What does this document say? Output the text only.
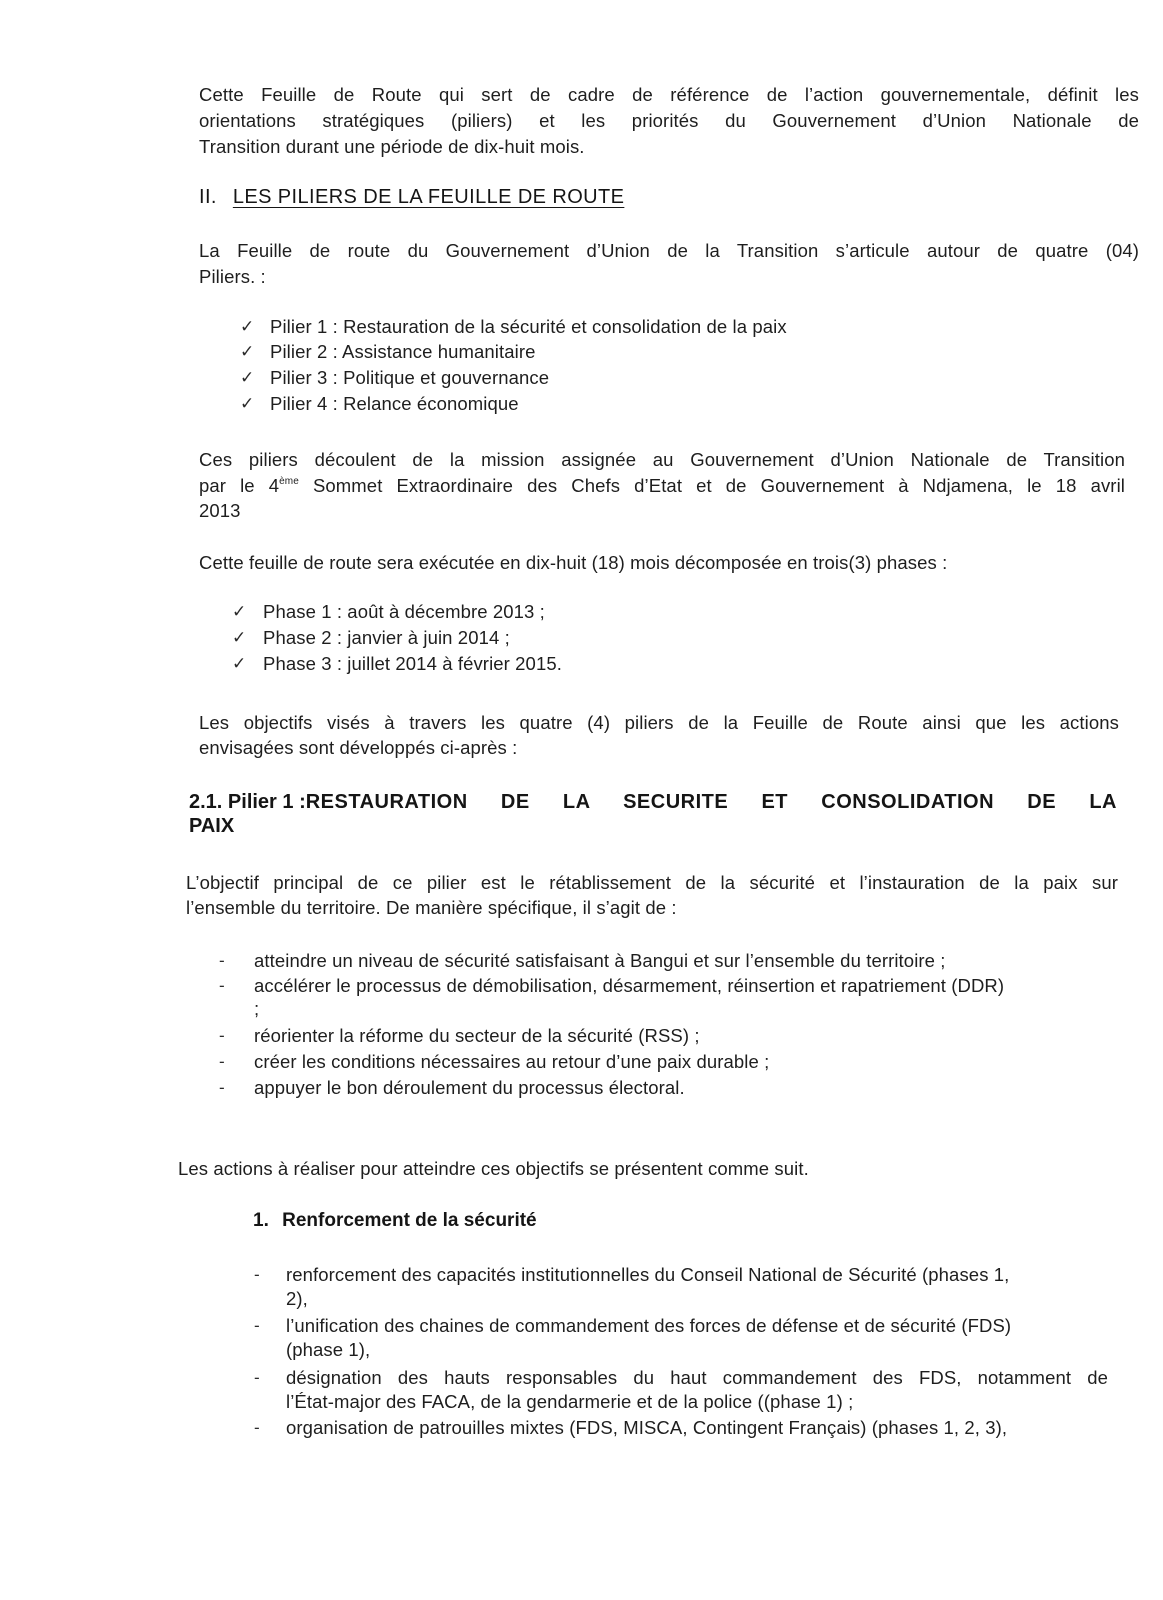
Cette Feuille de Route qui sert de cadre de référence de l’action gouvernementale, définit les
orientations stratégiques (piliers) et les priorités du Gouvernement d’Union Nationale de
Transition durant une période de dix-huit mois.
II. LES PILIERS DE LA FEUILLE DE ROUTE
La Feuille de route du Gouvernement d’Union de la Transition s’articule autour de quatre (04)
Piliers. :
✓ Pilier 1 : Restauration de la sécurité et consolidation de la paix
✓ Pilier 2 : Assistance humanitaire
✓ Pilier 3 : Politique et gouvernance
✓ Pilier 4 : Relance économique
Ces piliers découlent de la mission assignée au Gouvernement d’Union Nationale de Transition
par le 4ème Sommet Extraordinaire des Chefs d’Etat et de Gouvernement à Ndjamena, le 18 avril
2013
Cette feuille de route sera exécutée en dix-huit (18) mois décomposée en trois(3) phases :
✓ Phase 1 : août à décembre 2013 ;
✓ Phase 2 : janvier à juin 2014 ;
✓ Phase 3 : juillet 2014 à février 2015.
Les objectifs visés à travers les quatre (4) piliers de la Feuille de Route ainsi que les actions
envisagées sont développés ci-après :
2.1. Pilier 1 : RESTAURATION DE LA SECURITE ET CONSOLIDATION DE LA
PAIX
L’objectif principal de ce pilier est le rétablissement de la sécurité et l’instauration de la paix sur
l’ensemble du territoire. De manière spécifique, il s’agit de :
- atteindre un niveau de sécurité satisfaisant à Bangui et sur l’ensemble du territoire ;
- accélérer le processus de démobilisation, désarmement, réinsertion et rapatriement (DDR)
;
- réorienter la réforme du secteur de la sécurité (RSS) ;
- créer les conditions nécessaires au retour d’une paix durable ;
- appuyer le bon déroulement du processus électoral.
Les actions à réaliser pour atteindre ces objectifs se présentent comme suit.
1. Renforcement de la sécurité
- renforcement des capacités institutionnelles du Conseil National de Sécurité (phases 1,
2),
- l’unification des chaines de commandement des forces de défense et de sécurité (FDS)
(phase 1),
- désignation des hauts responsables du haut commandement des FDS, notamment de
l’État-major des FACA, de la gendarmerie et de la police ((phase 1) ;
- organisation de patrouilles mixtes (FDS, MISCA, Contingent Français) (phases 1, 2, 3),
